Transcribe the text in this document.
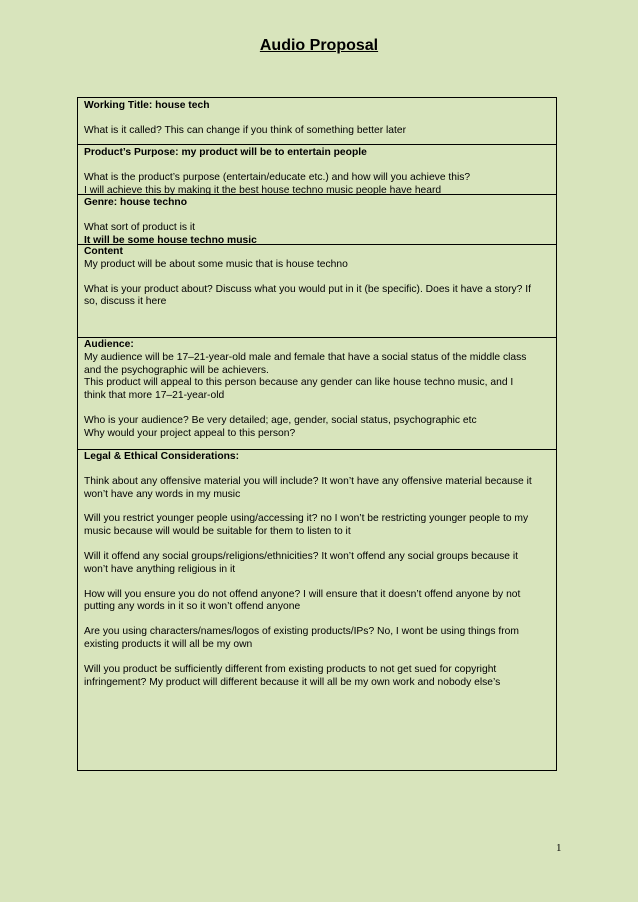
Audio Proposal
Working Title: house tech
What is it called? This can change if you think of something better later
Product’s Purpose: my product will be to entertain people
What is the product’s purpose (entertain/educate etc.) and how will you achieve this?
I will achieve this by making it the best house techno music people have heard
Genre: house techno
What sort of product is it
It will be some house techno music
Content
My product will be about some music that is house techno
What is your product about? Discuss what you would put in it (be specific). Does it have a story? If
so, discuss it here
Audience:
My audience will be 17–21-year-old male and female that have a social status of the middle class
and the psychographic will be achievers.
This product will appeal to this person because any gender can like house techno music, and I
think that more 17–21-year-old
Who is your audience? Be very detailed; age, gender, social status, psychographic etc
Why would your project appeal to this person?
Legal & Ethical Considerations:
Think about any offensive material you will include? It won’t have any offensive material because it
won’t have any words in my music
Will you restrict younger people using/accessing it? no I won’t be restricting younger people to my
music because will would be suitable for them to listen to it
Will it offend any social groups/religions/ethnicities? It won’t offend any social groups because it
won’t have anything religious in it
How will you ensure you do not offend anyone? I will ensure that it doesn’t offend anyone by not
putting any words in it so it won’t offend anyone
Are you using characters/names/logos of existing products/IPs? No, I wont be using things from
existing products it will all be my own
Will you product be sufficiently different from existing products to not get sued for copyright
infringement? My product will different because it will all be my own work and nobody else’s
1
